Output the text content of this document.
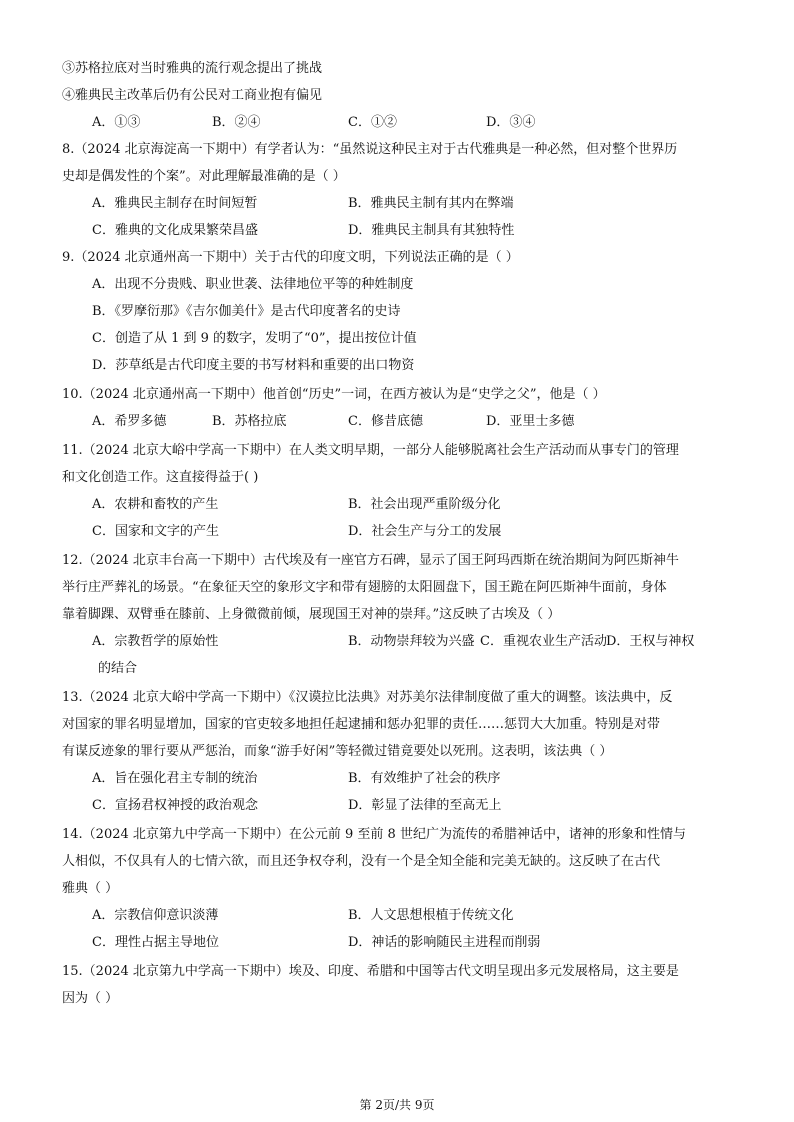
③苏格拉底对当时雅典的流行观念提出了挑战
④雅典民主改革后仍有公民对工商业抱有偏见
A．①③	B．②④	C．①②	D．③④
8.（2024 北京海淀高一下期中）有学者认为：“虽然说这种民主对于古代雅典是一种必然，但对整个世界历
史却是偶发性的个案”。对此理解最准确的是（ ）
A．雅典民主制存在时间短暂	B．雅典民主制有其内在弊端
C．雅典的文化成果繁荣昌盛	D．雅典民主制具有其独特性
9.（2024 北京通州高一下期中）关于古代的印度文明，下列说法正确的是（ ）
A．出现不分贵贱、职业世袭、法律地位平等的种姓制度
B．《罗摩衍那》《吉尔伽美什》是古代印度著名的史诗
C．创造了从 1 到 9 的数字，发明了“0”，提出按位计值
D．莎草纸是古代印度主要的书写材料和重要的出口物资
10.（2024 北京通州高一下期中）他首创“历史”一词，在西方被认为是“史学之父”，他是（ ）
A．希罗多德	B．苏格拉底	C．修昔底德	D．亚里士多德
11.（2024 北京大峪中学高一下期中）在人类文明早期，一部分人能够脱离社会生产活动而从事专门的管理
和文化创造工作。这直接得益于( )
A．农耕和畜牧的产生	B．社会出现严重阶级分化
C．国家和文字的产生	D．社会生产与分工的发展
12.（2024 北京丰台高一下期中）古代埃及有一座官方石碑，显示了国王阿玛西斯在统治期间为阿匹斯神牛
举行庄严葬礼的场景。“在象征天空的象形文字和带有翅膀的太阳圆盘下，国王跪在阿匹斯神牛面前，身体
靠着脚踝、双臂垂在膝前、上身微微前倾，展现国王对神的崇拜。”这反映了古埃及（ ）
A．宗教哲学的原始性	B．动物崇拜较为兴盛 C．重视农业生产活动 D．王权与神权
的结合
13.（2024 北京大峪中学高一下期中）《汉谟拉比法典》对苏美尔法律制度做了重大的调整。该法典中，反
对国家的罪名明显增加，国家的官吏较多地担任起逮捕和惩办犯罪的责任……惩罚大大加重。特别是对带
有谋反迹象的罪行要从严惩治，而象“游手好闲”等轻微过错竟要处以死刑。这表明，该法典（ ）
A．旨在强化君主专制的统治	B．有效维护了社会的秩序
C．宣扬君权神授的政治观念	D．彰显了法律的至高无上
14.（2024 北京第九中学高一下期中）在公元前 9 至前 8 世纪广为流传的希腊神话中，诸神的形象和性情与
人相似，不仅具有人的七情六欲，而且还争权夺利，没有一个是全知全能和完美无缺的。这反映了在古代
雅典（ ）
A．宗教信仰意识淡薄	B．人文思想根植于传统文化
C．理性占据主导地位	D．神话的影响随民主进程而削弱
15.（2024 北京第九中学高一下期中）埃及、印度、希腊和中国等古代文明呈现出多元发展格局，这主要是
因为（ ）
第 2页/共 9页
